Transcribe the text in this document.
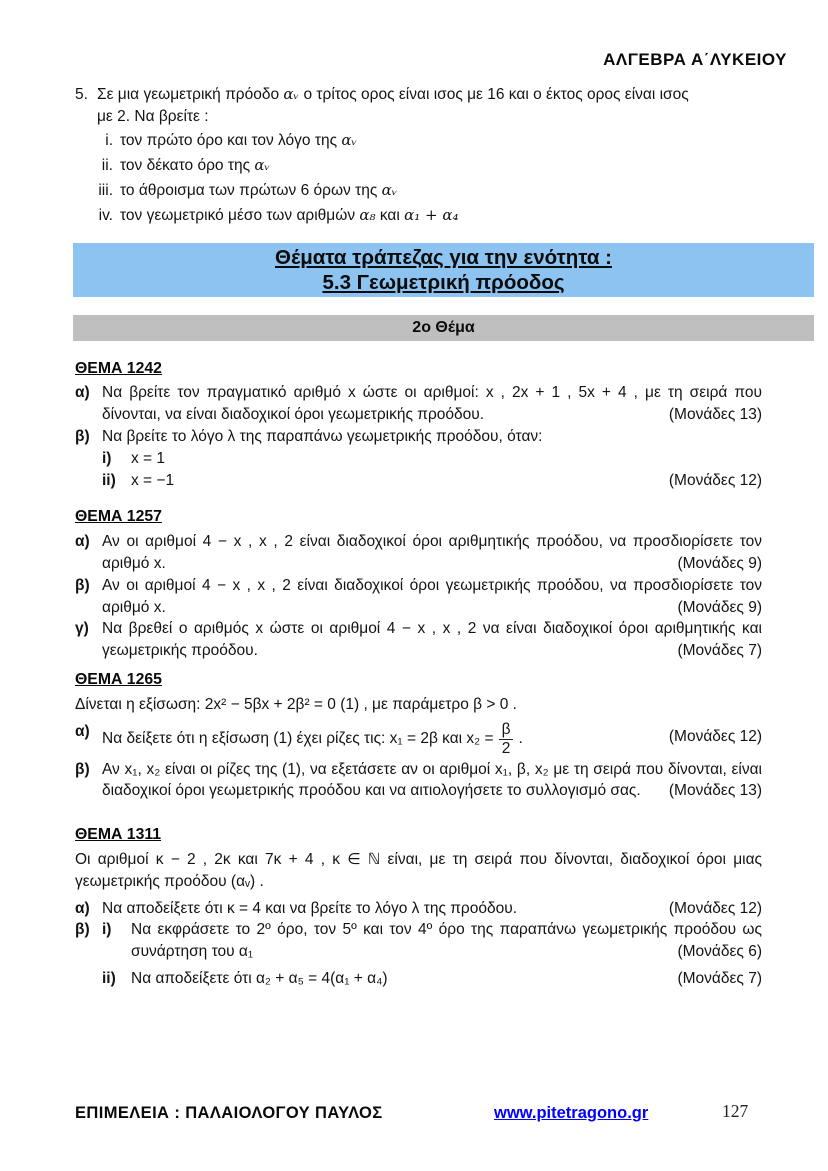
ΑΛΓΕΒΡΑ Α΄ΛΥΚΕΙΟΥ
5. Σε μια γεωμετρική πρόοδο αᵥ ο τρίτος ορος είναι ισος με 16 και ο έκτος ορος είναι ισος
με 2. Να βρείτε :
i. τον πρώτο όρο και τον λόγο της αᵥ
ii. τον δέκατο όρο της αᵥ
iii. το άθροισμα των πρώτων 6 όρων της αᵥ
iv. τον γεωμετρικό μέσο των αριθμών α₈ και α₁ + α₄
Θέματα τράπεζας για την ενότητα :
5.3 Γεωμετρική πρόοδος
2ο Θέμα
ΘΕΜΑ 1242
α) Να βρείτε τον πραγματικό αριθμό x ώστε οι αριθμοί: x , 2x + 1 , 5x + 4 , με τη σειρά που δίνονται, να είναι διαδοχικοί όροι γεωμετρικής προόδου.	(Μονάδες 13)
β) Να βρείτε το λόγο λ της παραπάνω γεωμετρικής προόδου, όταν:
i)	x = 1
ii) x = −1	(Μονάδες 12)
ΘΕΜΑ 1257
α) Αν οι αριθμοί 4 − x , x , 2 είναι διαδοχικοί όροι αριθμητικής προόδου, να προσδιορίσετε τον αριθμό x.	(Μονάδες 9)
β) Αν οι αριθμοί 4 − x , x , 2 είναι διαδοχικοί όροι γεωμετρικής προόδου, να προσδιορίσετε τον αριθμό x.	(Μονάδες 9)
γ) Να βρεθεί ο αριθμός x ώστε οι αριθμοί 4 − x , x , 2 να είναι διαδοχικοί όροι αριθμητικής και γεωμετρικής προόδου.	(Μονάδες 7)
ΘΕΜΑ 1265

Δίνεται η εξίσωση: 2x² − 5βx + 2β² = 0 (1) , με παράμετρο β > 0 .

α) Να δείξετε ότι η εξίσωση (1) έχει ρίζες τις: x₁ = 2β και $x_2 = \frac{\beta}{2}$ .	(Μονάδες 12)
β) Αν x₁, x₂ είναι οι ρίζες της (1), να εξετάσετε αν οι αριθμοί x₁, β, x₂ με τη σειρά που δίνονται, είναι διαδοχικοί όροι γεωμετρικής προόδου και να αιτιολογήσετε το συλλογισμό σας.	(Μονάδες 13)
ΘΕΜΑ 1311

Οι αριθμοί κ − 2 , 2κ και 7κ + 4 , κ ∈ ℕ είναι, με τη σειρά που δίνονται, διαδοχικοί όροι μιας γεωμετρικής προόδου (αᵥ) .

α) Να αποδείξετε ότι κ = 4 και να βρείτε το λόγο λ της προόδου.	(Μονάδες 12)
β) i)	Να εκφράσετε το 2º όρο, τον 5º και τον 4º όρο της παραπάνω γεωμετρικής προόδου ως συνάρτηση του α₁	(Μονάδες 6)
ii) Να αποδείξετε ότι α₂ + α₅ = 4(α₁ + α₄)	(Μονάδες 7)
ΕΠΙΜΕΛΕΙΑ : ΠΑΛΑΙΟΛΟΓΟΥ ΠΑΥΛΟΣ	www.pitetragono.gr	127
